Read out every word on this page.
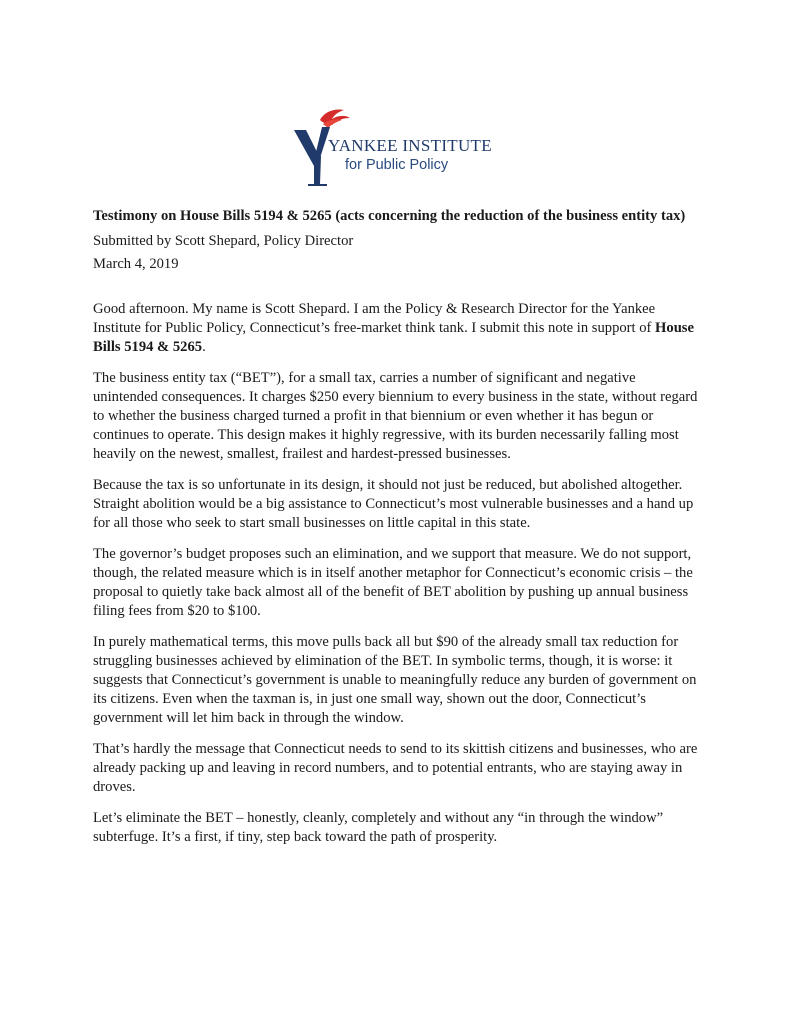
YANKEE INSTITUTE
for Public Policy

Testimony on House Bills 5194 & 5265 (acts concerning the reduction of the business entity tax)

Submitted by Scott Shepard, Policy Director

March 4, 2019

Good afternoon. My name is Scott Shepard. I am the Policy & Research Director for the Yankee Institute for Public Policy, Connecticut’s free-market think tank. I submit this note in support of House Bills 5194 & 5265.

The business entity tax (“BET”), for a small tax, carries a number of significant and negative unintended consequences. It charges $250 every biennium to every business in the state, without regard to whether the business charged turned a profit in that biennium or even whether it has begun or continues to operate. This design makes it highly regressive, with its burden necessarily falling most heavily on the newest, smallest, frailest and hardest-pressed businesses.

Because the tax is so unfortunate in its design, it should not just be reduced, but abolished altogether. Straight abolition would be a big assistance to Connecticut’s most vulnerable businesses and a hand up for all those who seek to start small businesses on little capital in this state.

The governor’s budget proposes such an elimination, and we support that measure. We do not support, though, the related measure which is in itself another metaphor for Connecticut’s economic crisis – the proposal to quietly take back almost all of the benefit of BET abolition by pushing up annual business filing fees from $20 to $100.

In purely mathematical terms, this move pulls back all but $90 of the already small tax reduction for struggling businesses achieved by elimination of the BET. In symbolic terms, though, it is worse: it suggests that Connecticut’s government is unable to meaningfully reduce any burden of government on its citizens. Even when the taxman is, in just one small way, shown out the door, Connecticut’s government will let him back in through the window.

That’s hardly the message that Connecticut needs to send to its skittish citizens and businesses, who are already packing up and leaving in record numbers, and to potential entrants, who are staying away in droves.

Let’s eliminate the BET – honestly, cleanly, completely and without any “in through the window” subterfuge. It’s a first, if tiny, step back toward the path of prosperity.
